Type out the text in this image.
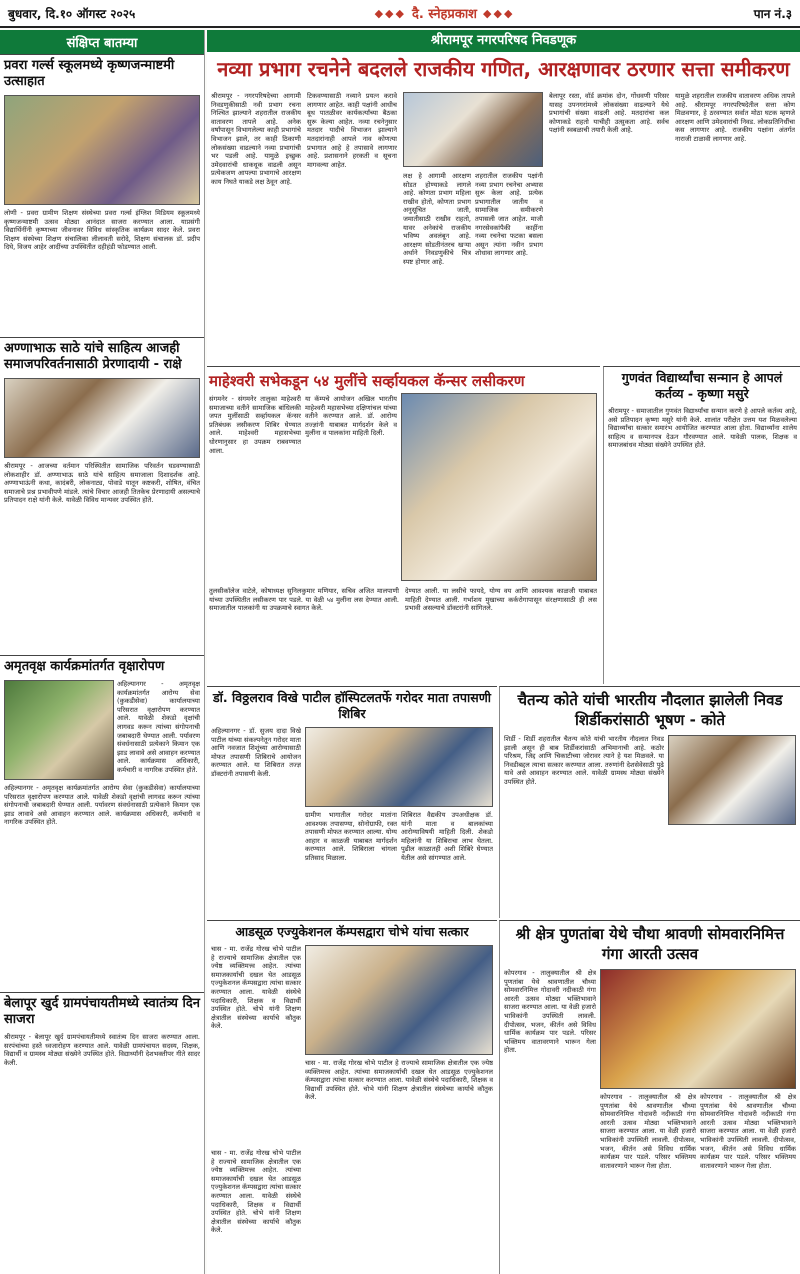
बुधवार, दि.१० ऑगस्ट २०२५	◆◆◆ दै. स्नेहप्रकाश ◆◆◆	पान नं.३
संक्षिप्त बातम्या
प्रवरा गर्ल्स स्कूलमध्ये कृष्णजन्माष्टमी उत्साहात
लोणी - प्रवरा ग्रामीण शिक्षण संस्थेच्या प्रवरा गर्ल्स इंग्लिश मिडियम स्कूलमध्ये कृष्णजन्माष्टमी उत्सव मोठ्या आनंदात साजरा करण्यात आला. याप्रसंगी विद्यार्थिनींनी कृष्णाच्या जीवनावर विविध सांस्कृतिक कार्यक्रम सादर केले. प्रवरा शिक्षण संस्थेच्या शिक्षण संचालिका लीलावती सरोदे, शिक्षण संचालक डॉ. प्रदीप दिघे, विजय आहेर आदींच्या उपस्थितीत दहीहंडी फोडण्यात आली.
अण्णाभाऊ साठे यांचे साहित्य आजही समाजपरिवर्तनासाठी प्रेरणादायी - राक्षे
श्रीरामपूर - आजच्या वर्तमान परिस्थितीत सामाजिक परिवर्तन घडवण्यासाठी लोकशाहीर डॉ. अण्णाभाऊ साठे यांचे साहित्य समाजाला दिशादर्शक आहे. अण्णाभाऊंनी कथा, कादंबरी, लोकनाट्य, पोवाडे यातून कष्टकरी, शोषित, वंचित समाजाचे प्रश्न प्रभावीपणे मांडले. त्यांचे विचार आजही तितकेच प्रेरणादायी असल्याचे प्रतिपादन राक्षे यांनी केले. यावेळी विविध मान्यवर उपस्थित होते.
अमृतवृक्ष कार्यक्रमांतर्गत वृक्षारोपण
अहिल्यानगर - अमृतवृक्ष कार्यक्रमांतर्गत आरोग्य सेवा (कुकडीसेवा) कार्यालयाच्या परिसरात वृक्षारोपण करण्यात आले. यावेळी शेकडो वृक्षांची लागवड करून त्यांच्या संगोपनाची जबाबदारी घेण्यात आली. पर्यावरण संवर्धनासाठी प्रत्येकाने किमान एक झाड लावावे असे आवाहन करण्यात आले. कार्यक्रमास अधिकारी, कर्मचारी व नागरिक उपस्थित होते.
अहिल्यानगर - अमृतवृक्ष कार्यक्रमांतर्गत आरोग्य सेवा (कुकडीसेवा) कार्यालयाच्या परिसरात वृक्षारोपण करण्यात आले. यावेळी शेकडो वृक्षांची लागवड करून त्यांच्या संगोपनाची जबाबदारी घेण्यात आली. पर्यावरण संवर्धनासाठी प्रत्येकाने किमान एक झाड लावावे असे आवाहन करण्यात आले. कार्यक्रमास अधिकारी, कर्मचारी व नागरिक उपस्थित होते.
बेलापूर खुर्द ग्रामपंचायतीमध्ये स्वातंत्र्य दिन साजरा
श्रीरामपूर - बेलापूर खुर्द ग्रामपंचायतीमध्ये स्वातंत्र्य दिन साजरा करण्यात आला. सरपंचांच्या हस्ते ध्वजारोहण करण्यात आले. यावेळी ग्रामपंचायत सदस्य, शिक्षक, विद्यार्थी व ग्रामस्थ मोठ्या संख्येने उपस्थित होते. विद्यार्थ्यांनी देशभक्तीपर गीते सादर केली.
श्रीरामपूर नगरपरिषद निवडणूक
नव्या प्रभाग रचनेने बदलले राजकीय गणित, आरक्षणावर ठरणार सत्ता समीकरण
श्रीरामपूर - नगरपरिषदेच्या आगामी निवडणुकीसाठी नवी प्रभाग रचना निश्चित झाल्याने शहरातील राजकीय वातावरण तापले आहे. अनेक वर्षांपासून विभागलेल्या काही प्रभागांचे विभाजन झाले, तर काही ठिकाणी लोकसंख्या वाढल्याने नव्या प्रभागांची भर पडली आहे. यामुळे इच्छुक उमेदवारांची धाकधूक वाढली असून प्रत्येकजण आपल्या प्रभागाचे आरक्षण काय निघते याकडे लक्ष ठेवून आहे.
टिकवण्यासाठी नव्याने प्रयत्न करावे लागणार आहेत. काही पक्षांनी आधीच बूथ पातळीवर कार्यकर्त्यांच्या बैठका सुरू केल्या आहेत. नव्या रचनेनुसार मतदार यादीचे विभाजन झाल्याने मतदारांनाही आपले नाव कोणत्या प्रभागात आहे हे तपासावे लागणार आहे. प्रशासनाने हरकती व सूचना मागवल्या आहेत.
लक्ष हे आगामी आरक्षण सोडत होण्याकडे लागले आहे. कोणता प्रभाग महिला राखीव होतो, कोणता प्रभाग अनुसूचित जाती, जमातीसाठी राखीव राहतो, यावर अनेकांचे राजकीय भविष्य अवलंबून आहे. आरक्षण सोडतीनंतरच खऱ्या अर्थाने निवडणुकीचे चित्र स्पष्ट होणार आहे.
शहरातील राजकीय पक्षांनी नव्या प्रभाग रचनेचा अभ्यास सुरू केला आहे. प्रत्येक प्रभागातील जातीय व सामाजिक समीकरणे तपासली जात आहेत. माजी नगरसेवकांपैकी काहींना नव्या रचनेचा फटका बसला असून त्यांना नवीन प्रभाग शोधावा लागणार आहे.
बेलापूर रस्ता, वॉर्ड क्रमांक दोन, गोंधवणी परिसर यासह उपनगरांमध्ये लोकसंख्या वाढल्याने येथे प्रभागांची संख्या वाढली आहे. मतदारांचा कल कोणाकडे राहतो याचीही उत्सुकता आहे. सर्वच पक्षांनी स्वबळाची तयारी केली आहे.
यामुळे शहरातील राजकीय वातावरण अधिक तापले आहे. श्रीरामपूर नगरपरिषदेतील सत्ता कोण मिळवणार, हे ठरवण्यात सर्वात मोठा घटक म्हणजे आरक्षण आणि उमेदवारांची निवड. लोकप्रतिनिधींचा कस लागणार आहे. राजकीय पक्षांना अंतर्गत नाराजी टाळावी लागणार आहे.
माहेश्वरी सभेकडून ५४ मुलींचे सर्व्हायकल कॅन्सर लसीकरण
संगमनेर - संगमनेर तालुका माहेश्वरी समाजाच्या वतीने सामाजिक बांधिलकी जपत मुलींसाठी सर्व्हायकल कॅन्सर प्रतिबंधक लसीकरण शिबिर घेण्यात आले. माहेश्वरी महासभेच्या धोरणानुसार हा उपक्रम राबवण्यात आला.
या कॅम्पचे आयोजन अखिल भारतीय माहेश्वरी महासभेच्या दक्षिणांचल यांच्या वतीने करण्यात आले. डॉ. आरोग्य तज्ज्ञांनी याबाबत मार्गदर्शन केले व मुलींना व पालकांना माहिती दिली.
तुलसीकॉलेज वाटेले, कोषाध्यक्ष सुनिलकुमार मणियार, सचिव अजित मालपाणी यांच्या उपस्थितीत लसीकरण पार पडले. या वेळी ५४ मुलींना लस देण्यात आली. समाजातील पालकांनी या उपक्रमाचे स्वागत केले.
देण्यात आली. या लसीचे फायदे, योग्य वय आणि आवश्यक काळजी याबाबत माहिती देण्यात आली. गर्भाशय मुखाच्या कर्करोगापासून संरक्षणासाठी ही लस प्रभावी असल्याचे डॉक्टरांनी सांगितले.
गुणवंत विद्यार्थ्यांचा सन्मान हे आपलं कर्तव्य - कृष्णा मसुरे
श्रीरामपूर - समाजातील गुणवंत विद्यार्थ्यांचा सन्मान करणे हे आपले कर्तव्य आहे, असे प्रतिपादन कृष्णा मसुरे यांनी केले. शालांत परीक्षेत उत्तम यश मिळवलेल्या विद्यार्थ्यांचा सत्कार समारंभ आयोजित करण्यात आला होता. विद्यार्थ्यांना शालेय साहित्य व सन्मानपत्र देऊन गौरवण्यात आले. यावेळी पालक, शिक्षक व समाजबांधव मोठ्या संख्येने उपस्थित होते.
डॉ. विठ्ठलराव विखे पाटील हॉस्पिटलतर्फे गरोदर माता तपासणी शिबिर
अहिल्यानगर - डॉ. सुजय दादा विखे पाटील यांच्या संकल्पनेतून गरोदर माता आणि नवजात शिशूंच्या आरोग्यासाठी मोफत तपासणी शिबिराचे आयोजन करण्यात आले. या शिबिरात तज्ज्ञ डॉक्टरांनी तपासणी केली.
ग्रामीण भागातील गरोदर मातांना आवश्यक तपासण्या, सोनोग्राफी, रक्त तपासणी मोफत करण्यात आल्या. योग्य आहार व काळजी याबाबत मार्गदर्शन करण्यात आले. शिबिराला चांगला प्रतिसाद मिळाला.
शिबिरात वैद्यकीय उपअधीक्षक डॉ. यांनी माता व बालकांच्या आरोग्याविषयी माहिती दिली. शेकडो महिलांनी या शिबिराचा लाभ घेतला. पुढील काळातही अशी शिबिरे घेण्यात येतील असे सांगण्यात आले.
चैतन्य कोते यांची भारतीय नौदलात झालेली निवड शिर्डीकरांसाठी भूषण - कोते
शिर्डी - शिर्डी शहरातील चैतन्य कोते यांची भारतीय नौदलात निवड झाली असून ही बाब शिर्डीकरांसाठी अभिमानाची आहे. कठोर परिश्रम, जिद्द आणि चिकाटीच्या जोरावर त्याने हे यश मिळवले. या निवडीबद्दल त्याचा सत्कार करण्यात आला. तरुणांनी देशसेवेसाठी पुढे यावे असे आवाहन करण्यात आले. यावेळी ग्रामस्थ मोठ्या संख्येने उपस्थित होते.
आडसूळ एज्युकेशनल कॅम्पसद्वारा चोभे यांचा सत्कार
चास - मा. राजेंद्र गोरख चोभे पाटील हे राज्याचे सामाजिक क्षेत्रातील एक ज्येष्ठ व्यक्तिमत्त्व आहेत. त्यांच्या समाजकार्याची दखल घेत आडसूळ एज्युकेशनल कॅम्पसद्वारा त्यांचा सत्कार करण्यात आला. यावेळी संस्थेचे पदाधिकारी, शिक्षक व विद्यार्थी उपस्थित होते. चोभे यांनी शिक्षण क्षेत्रातील संस्थेच्या कार्याचे कौतुक केले.
चास - मा. राजेंद्र गोरख चोभे पाटील हे राज्याचे सामाजिक क्षेत्रातील एक ज्येष्ठ व्यक्तिमत्त्व आहेत. त्यांच्या समाजकार्याची दखल घेत आडसूळ एज्युकेशनल कॅम्पसद्वारा त्यांचा सत्कार करण्यात आला. यावेळी संस्थेचे पदाधिकारी, शिक्षक व विद्यार्थी उपस्थित होते. चोभे यांनी शिक्षण क्षेत्रातील संस्थेच्या कार्याचे कौतुक केले.
चास - मा. राजेंद्र गोरख चोभे पाटील हे राज्याचे सामाजिक क्षेत्रातील एक ज्येष्ठ व्यक्तिमत्त्व आहेत. त्यांच्या समाजकार्याची दखल घेत आडसूळ एज्युकेशनल कॅम्पसद्वारा त्यांचा सत्कार करण्यात आला. यावेळी संस्थेचे पदाधिकारी, शिक्षक व विद्यार्थी उपस्थित होते. चोभे यांनी शिक्षण क्षेत्रातील संस्थेच्या कार्याचे कौतुक केले.
श्री क्षेत्र पुणतांबा येथे चौथा श्रावणी सोमवारनिमित्त गंगा आरती उत्सव
कोपरगाव - तालुक्यातील श्री क्षेत्र पुणतांबा येथे श्रावणातील चौथ्या सोमवारनिमित्त गोदावरी नदीकाठी गंगा आरती उत्सव मोठ्या भक्तिभावाने साजरा करण्यात आला. या वेळी हजारो भाविकांनी उपस्थिती लावली. दीपोत्सव, भजन, कीर्तन असे विविध धार्मिक कार्यक्रम पार पडले. परिसर भक्तिमय वातावरणाने भारून गेला होता.
कोपरगाव - तालुक्यातील श्री क्षेत्र पुणतांबा येथे श्रावणातील चौथ्या सोमवारनिमित्त गोदावरी नदीकाठी गंगा आरती उत्सव मोठ्या भक्तिभावाने साजरा करण्यात आला. या वेळी हजारो भाविकांनी उपस्थिती लावली. दीपोत्सव, भजन, कीर्तन असे विविध धार्मिक कार्यक्रम पार पडले. परिसर भक्तिमय वातावरणाने भारून गेला होता.
कोपरगाव - तालुक्यातील श्री क्षेत्र पुणतांबा येथे श्रावणातील चौथ्या सोमवारनिमित्त गोदावरी नदीकाठी गंगा आरती उत्सव मोठ्या भक्तिभावाने साजरा करण्यात आला. या वेळी हजारो भाविकांनी उपस्थिती लावली. दीपोत्सव, भजन, कीर्तन असे विविध धार्मिक कार्यक्रम पार पडले. परिसर भक्तिमय वातावरणाने भारून गेला होता.
